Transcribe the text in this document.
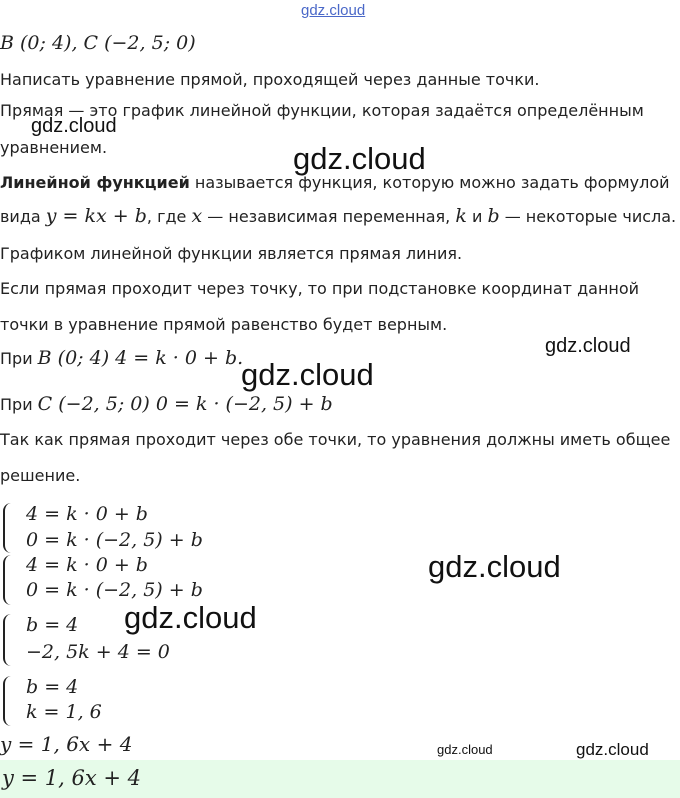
gdz.cloud
gdz.cloud
gdz.cloud
gdz.cloud
gdz.cloud
gdz.cloud
gdz.cloud
gdz.cloud	gdz.cloud
B (0; 4), C (−2, 5; 0)
Написать уравнение прямой, проходящей через данные точки.
Прямая — это график линейной функции, которая задаётся определённым
уравнением.
Линейной функцией называется функция, которую можно задать формулой
вида y = kx + b, где x — независимая переменная, k и b — некоторые числа.
Графиком линейной функции является прямая линия.
Если прямая проходит через точку, то при подстановке координат данной
точки в уравнение прямой равенство будет верным.
При B (0; 4) 4 = k · 0 + b.
При C (−2, 5; 0) 0 = k · (−2, 5) + b
Так как прямая проходит через обе точки, то уравнения должны иметь общее
решение.
4 = k · 0 + b
0 = k · (−2, 5) + b
4 = k · 0 + b
0 = k · (−2, 5) + b
b = 4
−2, 5k + 4 = 0
b = 4
k = 1, 6
y = 1, 6x + 4
y = 1, 6x + 4
